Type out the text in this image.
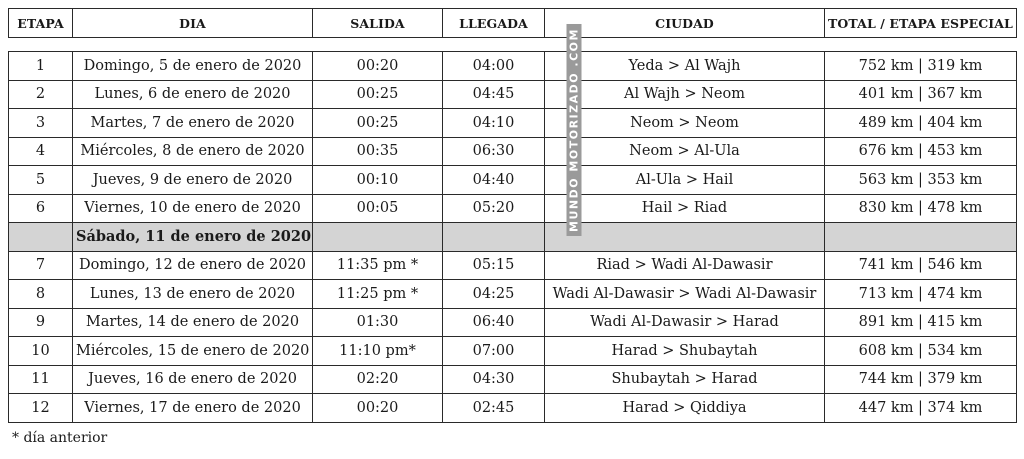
ETAPA	DIA	SALIDA	LLEGADA	CIUDAD	TOTAL / ETAPA ESPECIAL

1	Domingo, 5 de enero de 2020	00:20	04:00	Yeda > Al Wajh	752 km | 319 km
2	Lunes, 6 de enero de 2020	00:25	04:45	Al Wajh > Neom	401 km | 367 km
3	Martes, 7 de enero de 2020	00:25	04:10	Neom > Neom	489 km | 404 km
4	Miércoles, 8 de enero de 2020	00:35	06:30	Neom > Al-Ula	676 km | 453 km
5	Jueves, 9 de enero de 2020	00:10	04:40	Al-Ula > Hail	563 km | 353 km
6	Viernes, 10 de enero de 2020	00:05	05:20	Hail > Riad	830 km | 478 km
	Sábado, 11 de enero de 2020				
7	Domingo, 12 de enero de 2020	11:35 pm *	05:15	Riad > Wadi Al-Dawasir	741 km | 546 km
8	Lunes, 13 de enero de 2020	11:25 pm *	04:25	Wadi Al-Dawasir > Wadi Al-Dawasir	713 km | 474 km
9	Martes, 14 de enero de 2020	01:30	06:40	Wadi Al-Dawasir > Harad	891 km | 415 km
10	Miércoles, 15 de enero de 2020	11:10 pm*	07:00	Harad > Shubaytah	608 km | 534 km
11	Jueves, 16 de enero de 2020	02:20	04:30	Shubaytah > Harad	744 km | 379 km
12	Viernes, 17 de enero de 2020	00:20	02:45	Harad > Qiddiya	447 km | 374 km
MUNDO MOTORIZADO .COM
* día anterior
